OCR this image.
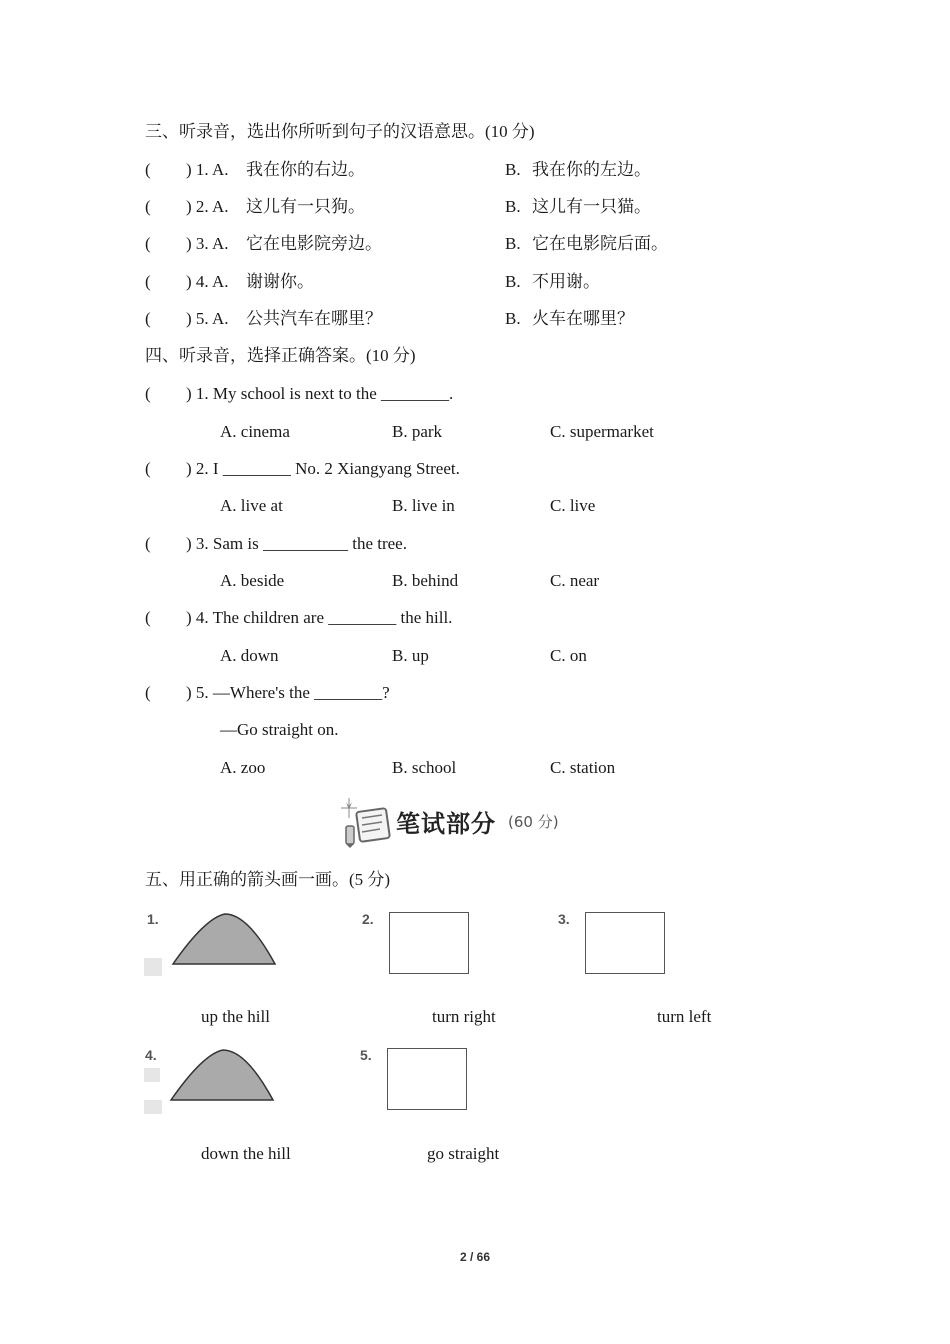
三、听录音，选出你所听到句子的汉语意思。(10 分)
( ) 1. A. 我在你的右边。	B. 我在你的左边。
( ) 2. A. 这儿有一只狗。	B. 这儿有一只猫。
( ) 3. A. 它在电影院旁边。	B. 它在电影院后面。
( ) 4. A. 谢谢你。	B. 不用谢。
( ) 5. A. 公共汽车在哪里？	B. 火车在哪里？
四、听录音，选择正确答案。(10 分)
( ) 1. My school is next to the ________.
A. cinema	B. park	C. supermarket
( ) 2. I ________ No. 2 Xiangyang Street.
A. live at	B. live in	C. live
( ) 3. Sam is __________ the tree.
A. beside	B. behind	C. near
( ) 4. The children are ________ the hill.
A. down	B. up	C. on
( ) 5. —Where's the ________?
—Go straight on.
A. zoo	B. school	C. station
笔试部分 (60 分)
五、用正确的箭头画一画。(5 分)
1.
up the hill
2.
turn right
3.
turn left
4.
down the hill
5.
go straight
2 / 66
